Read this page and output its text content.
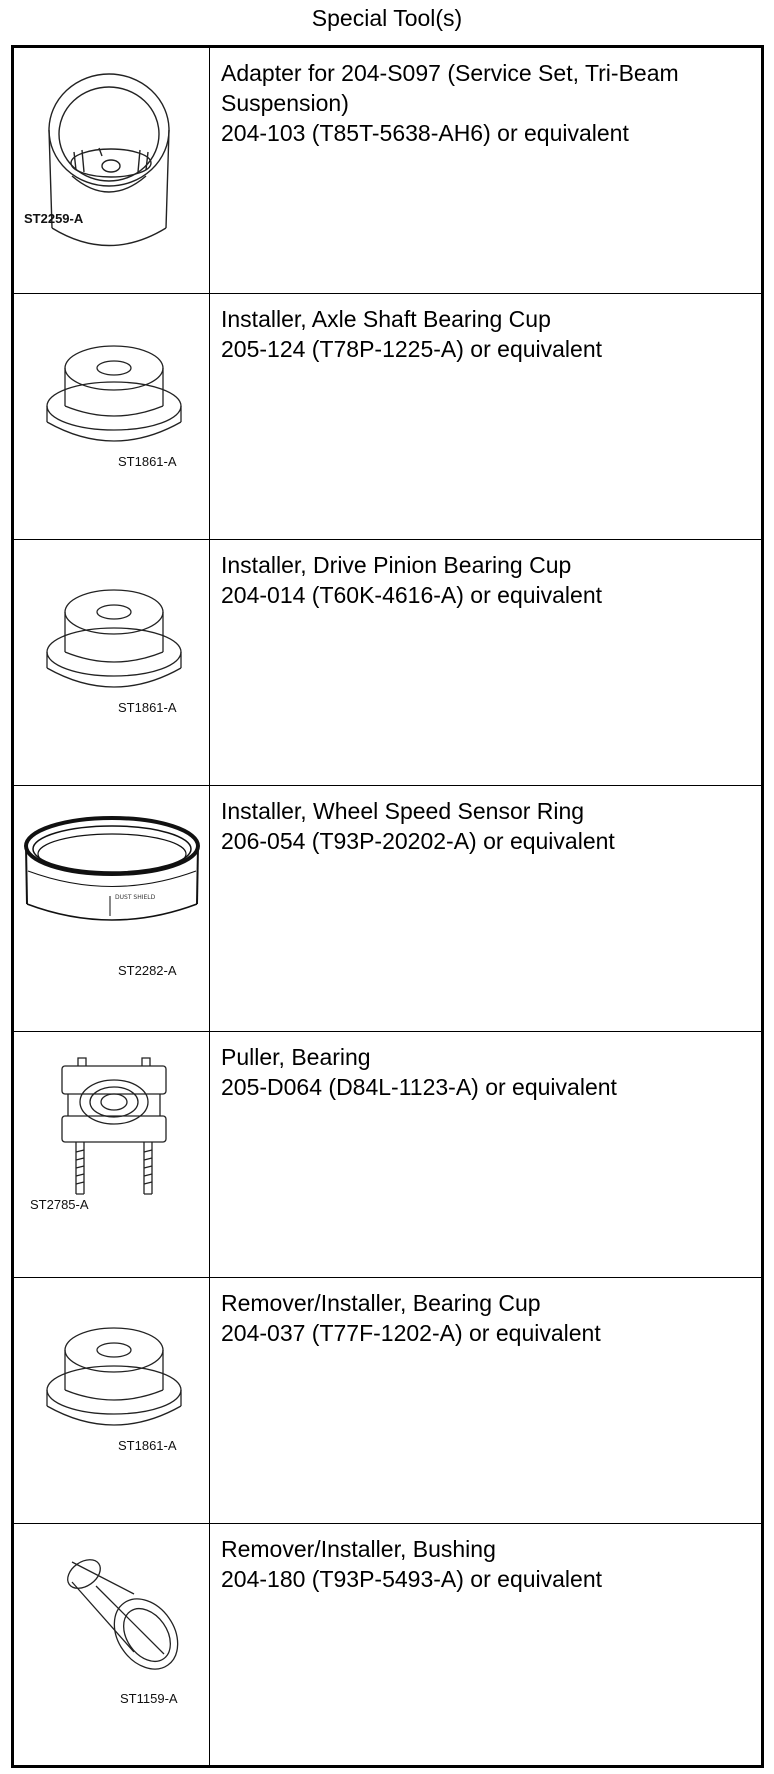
Special Tool(s)
ST2259-A
Adapter for 204-S097 (Service Set, Tri-Beam Suspension)
204-103 (T85T-5638-AH6) or equivalent
ST1861-A
Installer, Axle Shaft Bearing Cup
205-124 (T78P-1225-A) or equivalent
ST1861-A
Installer, Drive Pinion Bearing Cup
204-014 (T60K-4616-A) or equivalent
DUST SHIELD
ST2282-A
Installer, Wheel Speed Sensor Ring
206-054 (T93P-20202-A) or equivalent
ST2785-A
Puller, Bearing
205-D064 (D84L-1123-A) or equivalent
ST1861-A
Remover/Installer, Bearing Cup
204-037 (T77F-1202-A) or equivalent
ST1159-A
Remover/Installer, Bushing
204-180 (T93P-5493-A) or equivalent
